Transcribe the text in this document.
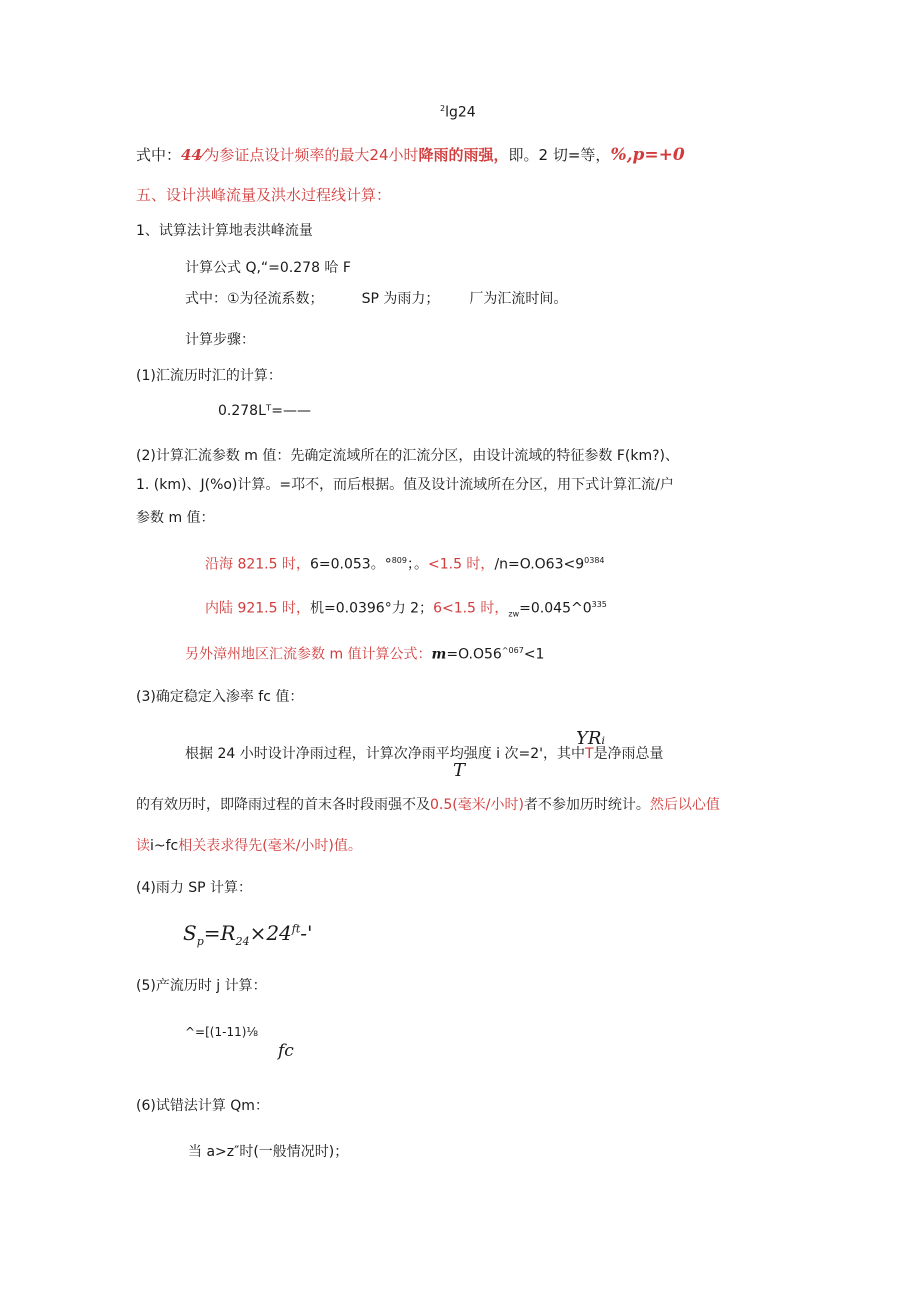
$^2$lg24
式中：44⁄为参证点设计频率的最大24小时降雨的雨强，即。2 切=等，%,p=+0
五、设计洪峰流量及洪水过程线计算：
1、试算法计算地表洪峰流量
计算公式 Q,“=0.278 哈 F
式中：①为径流系数；	SP 为雨力； 厂为汇流时间。
计算步骤：
(1)汇流历时汇的计算：
0.278Lᵀ=——
(2)计算汇流参数 m 值：先确定流域所在的汇流分区，由设计流域的特征参数 F(km?)、
1. (km)、J(%o)计算。=邛不，而后根据。值及设计流域所在分区，用下式计算汇流/户
参数 m 值：
沿海 821.5 时，6=0.053。°$^{809}$；。<1.5 时，$/n=O.O63<9^{0384}$
内陆 921.5 时，机=0.0396°力 2；6<1.5 时，$_{zw}=0.045\^{}0^{335}$
另外漳州地区汇流参数 m 值计算公式：$m=O.O56^{\^{}067}<1$
(3)确定稳定入渗率 fc 值：
YRᵢ
根据 24 小时设计净雨过程，计算次净雨平均强度 i 次=2'，其中T是净雨总量
T
的有效历时，即降雨过程的首末各时段雨强不及0.5(毫米/小时)者不参加历时统计。然后以心值
读i~fc相关表求得先(毫米/小时)值。
(4)雨力 SP 计算：
$S_p=R_{24}\times 24^{ft}-'$
(5)产流历时 j 计算：
^=[(1-11)⅛
fc
(6)试错法计算 Qm：
当 a>z″时(一般情况时)；
